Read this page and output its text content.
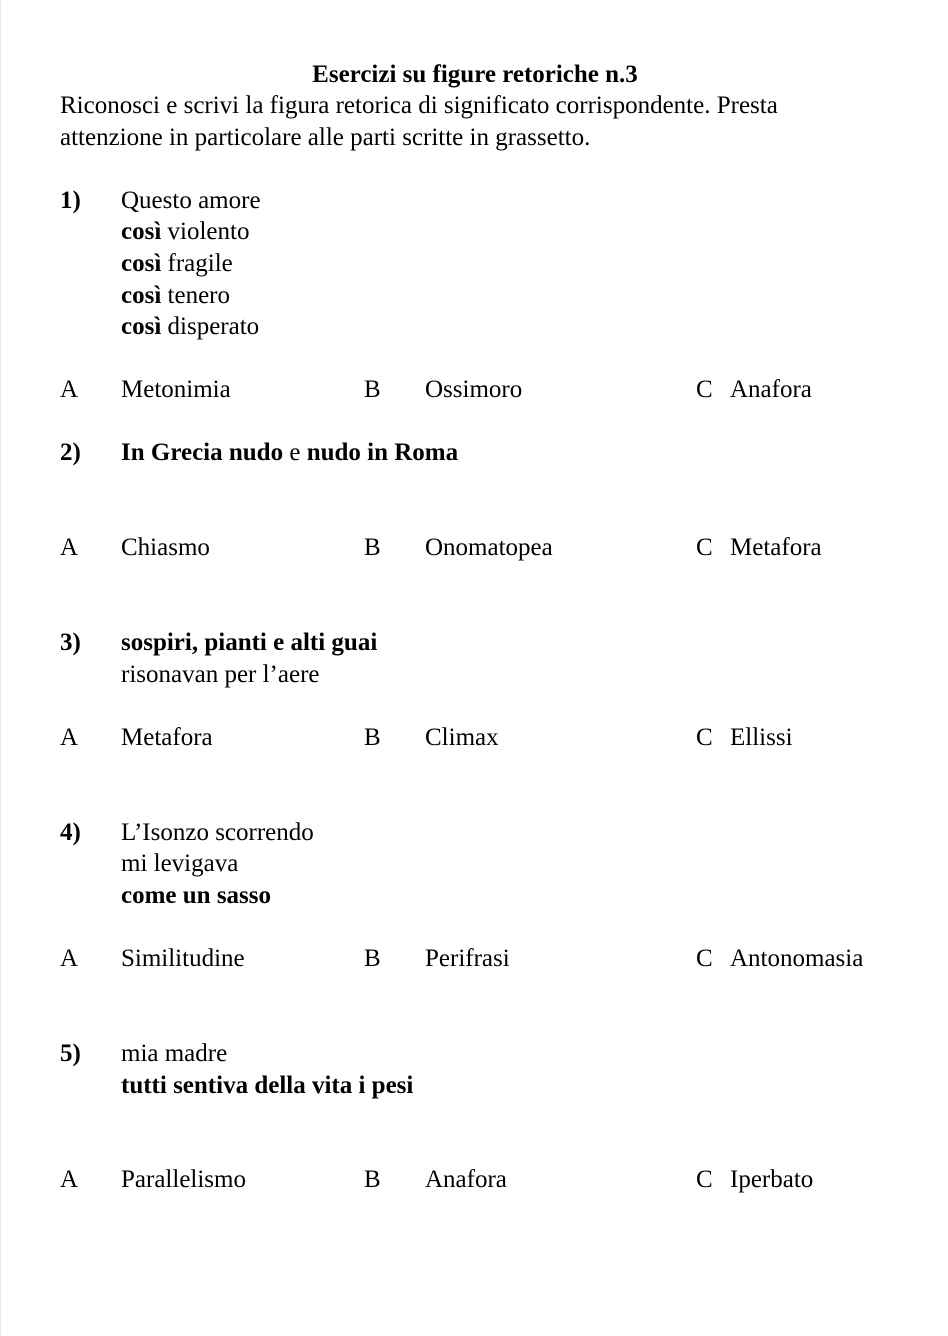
Esercizi su figure retoriche n.3
Riconosci e scrivi la figura retorica di significato corrispondente. Presta
attenzione in particolare alle parti scritte in grassetto.
1) Questo amore
così violento
così fragile
così tenero
così disperato
A Metonimia	B Ossimoro	C Anafora
2) In Grecia nudo e nudo in Roma
A Chiasmo	B Onomatopea	C Metafora
3) sospiri, pianti e alti guai
risonavan per l’aere
A Metafora	B Climax	C Ellissi
4) L’Isonzo scorrendo
mi levigava
come un sasso
A Similitudine	B Perifrasi	C Antonomasia
5) mia madre
tutti sentiva della vita i pesi
A Parallelismo	B Anafora	C Iperbato
